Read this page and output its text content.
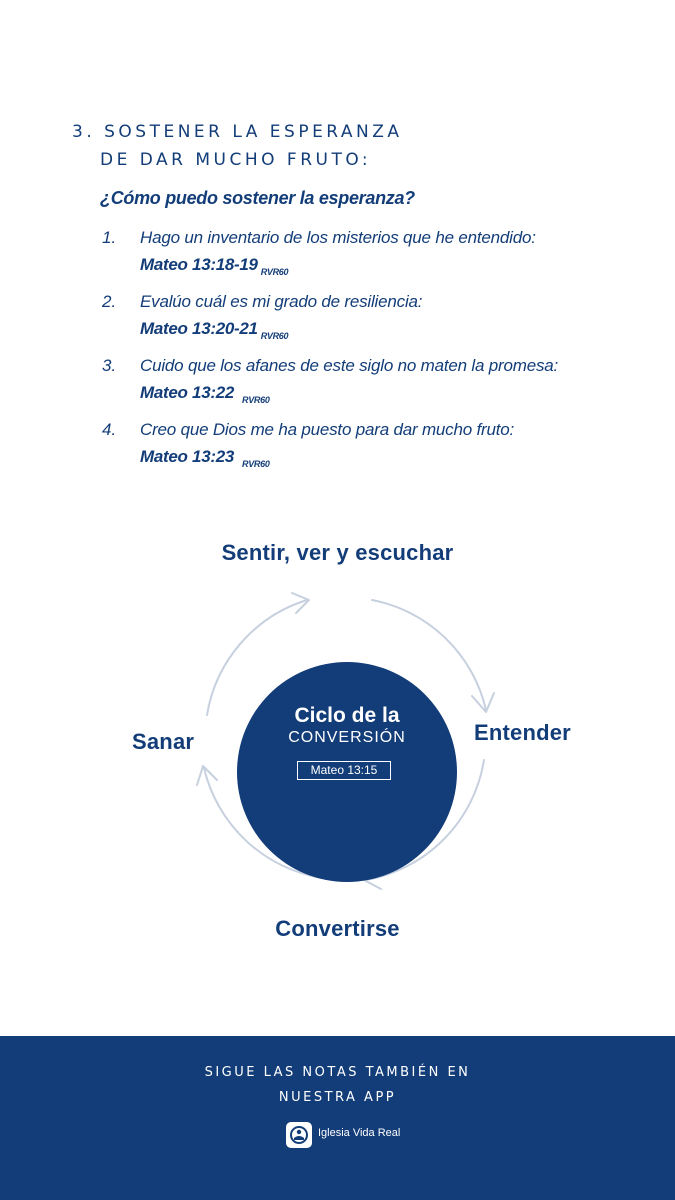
3. SOSTENER LA ESPERANZA
DE DAR MUCHO FRUTO:
¿Cómo puedo sostener la esperanza?
1. Hago un inventario de los misterios que he entendido:
Mateo 13:18-19 $_{RVR60}$
2. Evalúo cuál es mi grado de resiliencia:
Mateo 13:20-21 $_{RVR60}$
3. Cuido que los afanes de este siglo no maten la promesa:
Mateo 13:22 $_{RVR60}$
4. Creo que Dios me ha puesto para dar mucho fruto:
Mateo 13:23 $_{RVR60}$
Sentir, ver y escuchar
Entender
Sanar
Convertirse
Ciclo de la
CONVERSIÓN
Mateo 13:15
SIGUE LAS NOTAS TAMBIÉN EN
NUESTRA APP
Iglesia Vida Real
